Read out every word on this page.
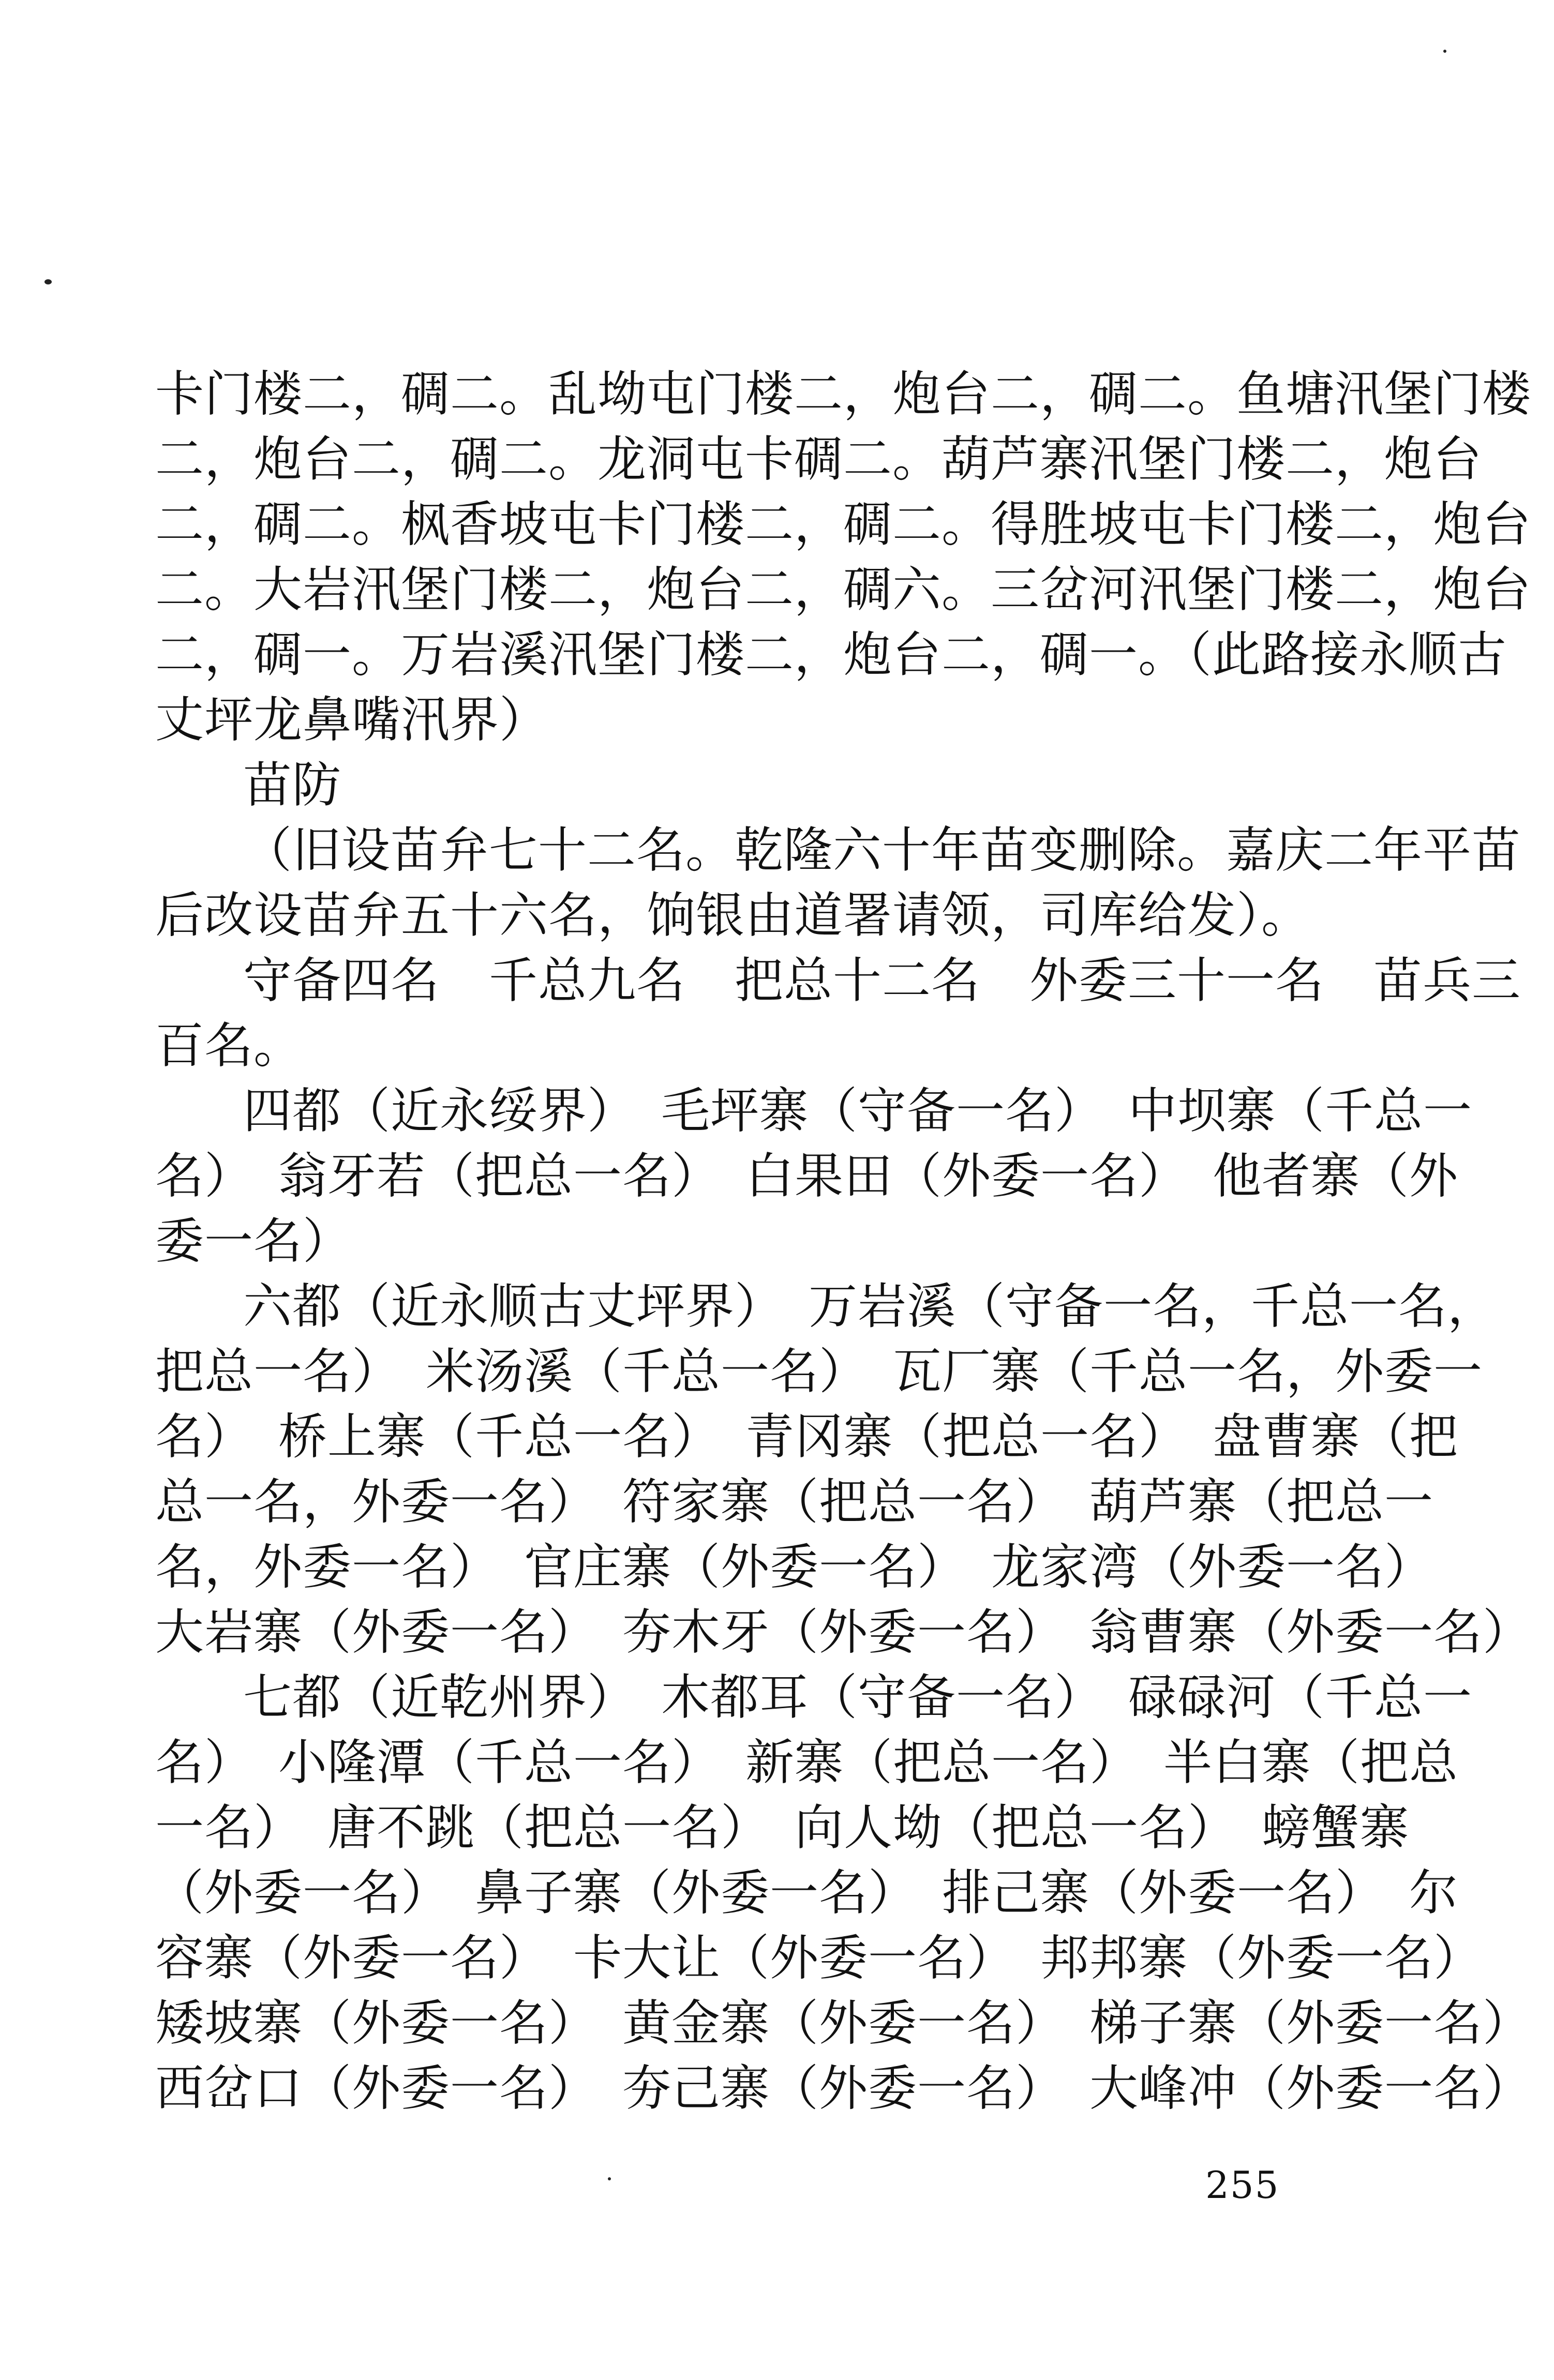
卡门楼二，碉二。乱坳屯门楼二，炮台二，碉二。鱼塘汛堡门楼
二，炮台二，碉二。龙洞屯卡碉二。葫芦寨汛堡门楼二，炮台
二，碉二。枫香坡屯卡门楼二，碉二。得胜坡屯卡门楼二，炮台
二。大岩汛堡门楼二，炮台二，碉六。三岔河汛堡门楼二，炮台
二，碉一。万岩溪汛堡门楼二，炮台二，碉一。（此路接永顺古
丈坪龙鼻嘴汛界）
苗防
（旧设苗弁七十二名。乾隆六十年苗变删除。嘉庆二年平苗
后改设苗弁五十六名，饷银由道署请领，司库给发）。
守备四名　千总九名　把总十二名　外委三十一名　苗兵三
百名。
四都（近永绥界）　毛坪寨（守备一名）　中坝寨（千总一
名）　翁牙若（把总一名）　白果田（外委一名）　他者寨（外
委一名）
六都（近永顺古丈坪界）　万岩溪（守备一名，千总一名，
把总一名）　米汤溪（千总一名）　瓦厂寨（千总一名，外委一
名）　桥上寨（千总一名）　青冈寨（把总一名）　盘曹寨（把
总一名，外委一名）　符家寨（把总一名）　葫芦寨（把总一
名，外委一名）　官庄寨（外委一名）　龙家湾（外委一名）
大岩寨（外委一名）　夯木牙（外委一名）　翁曹寨（外委一名）
七都（近乾州界）　木都耳（守备一名）　碌碌河（千总一
名）　小隆潭（千总一名）　新寨（把总一名）　半白寨（把总
一名）　唐不跳（把总一名）　向人坳（把总一名）　螃蟹寨
（外委一名）　鼻子寨（外委一名）　排己寨（外委一名）　尔
容寨（外委一名）　卡大让（外委一名）　邦邦寨（外委一名）
矮坡寨（外委一名）　黄金寨（外委一名）　梯子寨（外委一名）
西岔口（外委一名）　夯己寨（外委一名）　大峰冲（外委一名）
255
